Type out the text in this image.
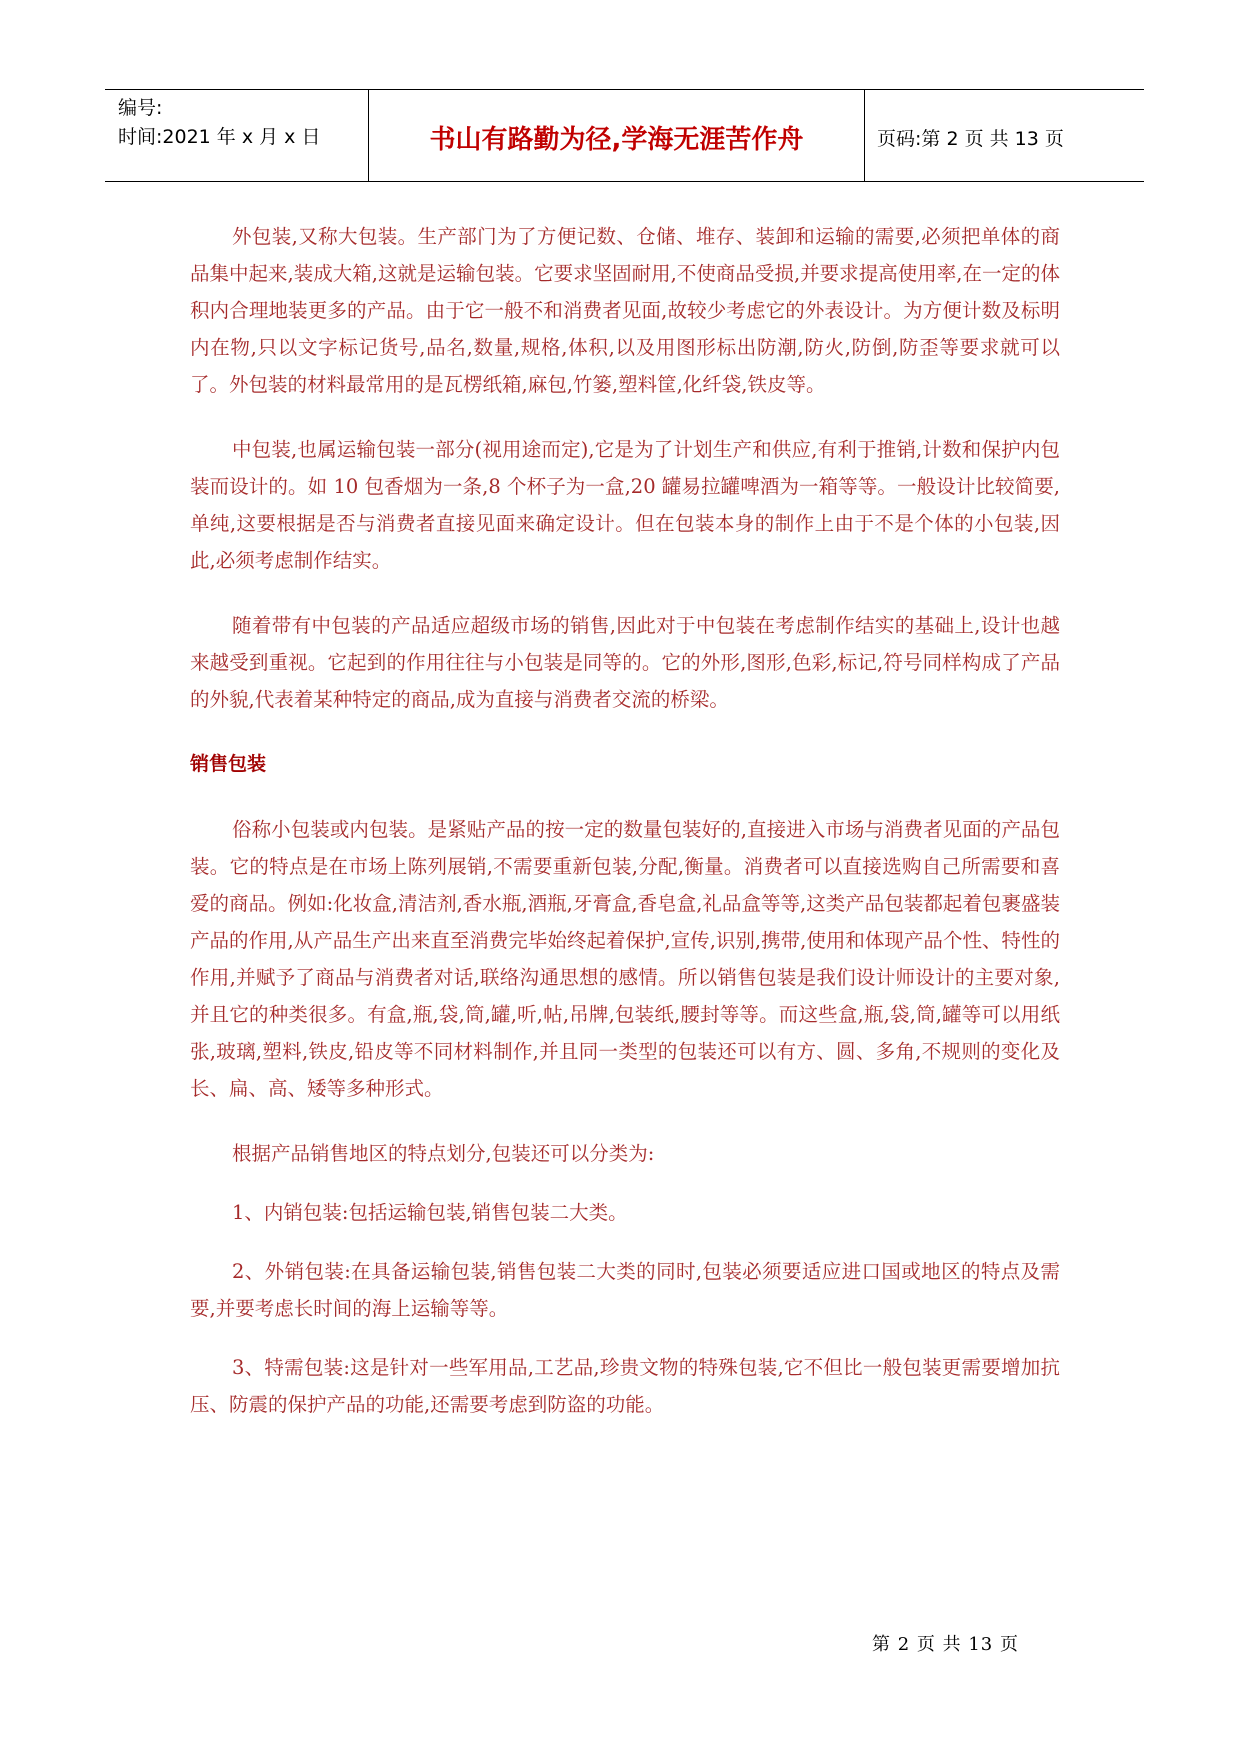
编号:
时间:2021 年 x 月 x 日	书山有路勤为径,学海无涯苦作舟	页码:第 2 页 共 13 页

外包装,又称大包装。生产部门为了方便记数、仓储、堆存、装卸和运输的需要,必须把单体的商品集中起来,装成大箱,这就是运输包装。它要求坚固耐用,不使商品受损,并要求提高使用率,在一定的体积内合理地装更多的产品。由于它一般不和消费者见面,故较少考虑它的外表设计。为方便计数及标明内在物,只以文字标记货号,品名,数量,规格,体积,以及用图形标出防潮,防火,防倒,防歪等要求就可以了。外包装的材料最常用的是瓦楞纸箱,麻包,竹篓,塑料筐,化纤袋,铁皮等。

中包装,也属运输包装一部分(视用途而定),它是为了计划生产和供应,有利于推销,计数和保护内包装而设计的。如 10 包香烟为一条,8 个杯子为一盒,20 罐易拉罐啤酒为一箱等等。一般设计比较简要,单纯,这要根据是否与消费者直接见面来确定设计。但在包装本身的制作上由于不是个体的小包装,因此,必须考虑制作结实。

随着带有中包装的产品适应超级市场的销售,因此对于中包装在考虑制作结实的基础上,设计也越来越受到重视。它起到的作用往往与小包装是同等的。它的外形,图形,色彩,标记,符号同样构成了产品的外貌,代表着某种特定的商品,成为直接与消费者交流的桥梁。

销售包装

俗称小包装或内包装。是紧贴产品的按一定的数量包装好的,直接进入市场与消费者见面的产品包装。它的特点是在市场上陈列展销,不需要重新包装,分配,衡量。消费者可以直接选购自己所需要和喜爱的商品。例如:化妆盒,清洁剂,香水瓶,酒瓶,牙膏盒,香皂盒,礼品盒等等,这类产品包装都起着包裹盛装产品的作用,从产品生产出来直至消费完毕始终起着保护,宣传,识别,携带,使用和体现产品个性、特性的作用,并赋予了商品与消费者对话,联络沟通思想的感情。所以销售包装是我们设计师设计的主要对象,并且它的种类很多。有盒,瓶,袋,筒,罐,听,帖,吊牌,包装纸,腰封等等。而这些盒,瓶,袋,筒,罐等可以用纸张,玻璃,塑料,铁皮,铅皮等不同材料制作,并且同一类型的包装还可以有方、圆、多角,不规则的变化及长、扁、高、矮等多种形式。

根据产品销售地区的特点划分,包装还可以分类为:

1、内销包装:包括运输包装,销售包装二大类。

2、外销包装:在具备运输包装,销售包装二大类的同时,包装必须要适应进口国或地区的特点及需要,并要考虑长时间的海上运输等等。

3、特需包装:这是针对一些军用品,工艺品,珍贵文物的特殊包装,它不但比一般包装更需要增加抗压、防震的保护产品的功能,还需要考虑到防盗的功能。

第 2 页 共 13 页
